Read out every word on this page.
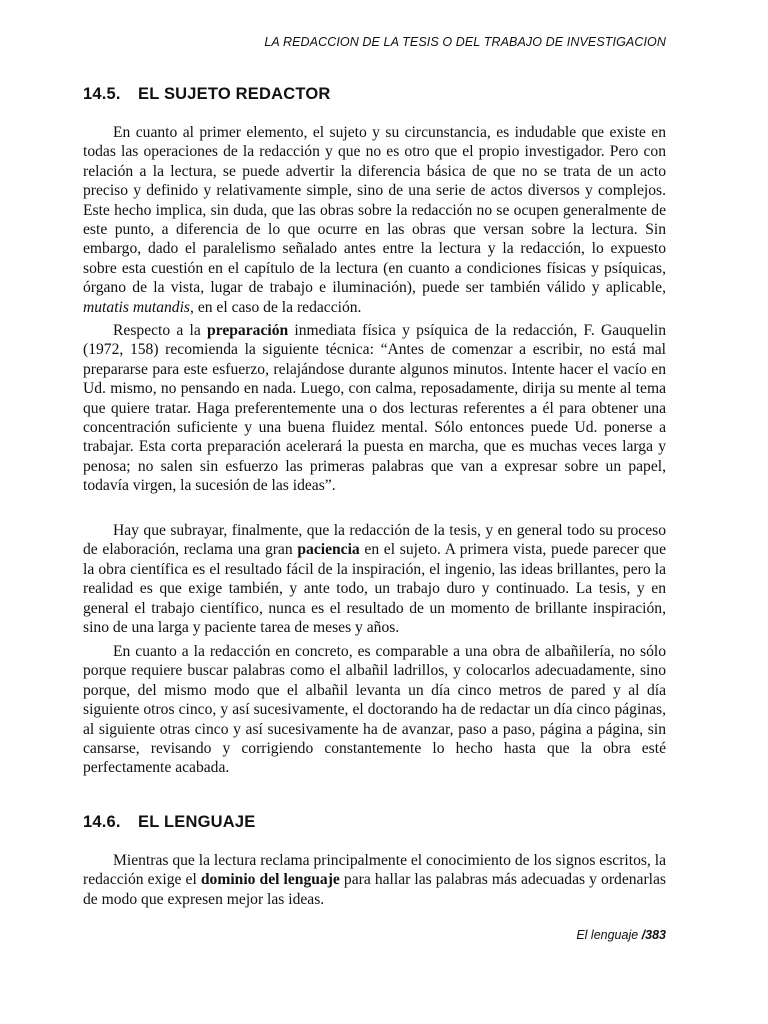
LA REDACCION DE LA TESIS O DEL TRABAJO DE INVESTIGACION
14.5. EL SUJETO REDACTOR

En cuanto al primer elemento, el sujeto y su circunstancia, es indudable que existe en todas las operaciones de la redacción y que no es otro que el propio investigador. Pero con relación a la lectura, se puede advertir la diferencia básica de que no se trata de un acto preciso y definido y relativamente simple, sino de una serie de actos diversos y complejos. Este hecho implica, sin duda, que las obras sobre la redacción no se ocupen generalmente de este punto, a diferencia de lo que ocurre en las obras que versan sobre la lectura. Sin embargo, dado el paralelismo señalado antes entre la lectura y la redacción, lo expuesto sobre esta cuestión en el capítulo de la lectura (en cuanto a condiciones físicas y psíquicas, órgano de la vista, lugar de trabajo e iluminación), puede ser también válido y aplicable, mutatis mutandis, en el caso de la redacción.

Respecto a la preparación inmediata física y psíquica de la redacción, F. Gauquelin (1972, 158) recomienda la siguiente técnica: “Antes de comenzar a escribir, no está mal prepararse para este esfuerzo, relajándose durante algunos minutos. Intente hacer el vacío en Ud. mismo, no pensando en nada. Luego, con calma, reposadamente, dirija su mente al tema que quiere tratar. Haga preferentemente una o dos lecturas referentes a él para obtener una concentración suficiente y una buena fluidez mental. Sólo entonces puede Ud. ponerse a trabajar. Esta corta preparación acelerará la puesta en marcha, que es muchas veces larga y penosa; no salen sin esfuerzo las primeras palabras que van a expresar sobre un papel, todavía virgen, la sucesión de las ideas”.

Hay que subrayar, finalmente, que la redacción de la tesis, y en general todo su proceso de elaboración, reclama una gran paciencia en el sujeto. A primera vista, puede parecer que la obra científica es el resultado fácil de la inspiración, el ingenio, las ideas brillantes, pero la realidad es que exige también, y ante todo, un trabajo duro y continuado. La tesis, y en general el trabajo científico, nunca es el resultado de un momento de brillante inspiración, sino de una larga y paciente tarea de meses y años.

En cuanto a la redacción en concreto, es comparable a una obra de albañilería, no sólo porque requiere buscar palabras como el albañil ladrillos, y colocarlos adecuadamente, sino porque, del mismo modo que el albañil levanta un día cinco metros de pared y al día siguiente otros cinco, y así sucesivamente, el doctorando ha de redactar un día cinco páginas, al siguiente otras cinco y así sucesivamente ha de avanzar, paso a paso, página a página, sin cansarse, revisando y corrigiendo constantemente lo hecho hasta que la obra esté perfectamente acabada.

14.6. EL LENGUAJE

Mientras que la lectura reclama principalmente el conocimiento de los signos escritos, la redacción exige el dominio del lenguaje para hallar las palabras más adecuadas y ordenarlas de modo que expresen mejor las ideas.

El lenguaje /383
